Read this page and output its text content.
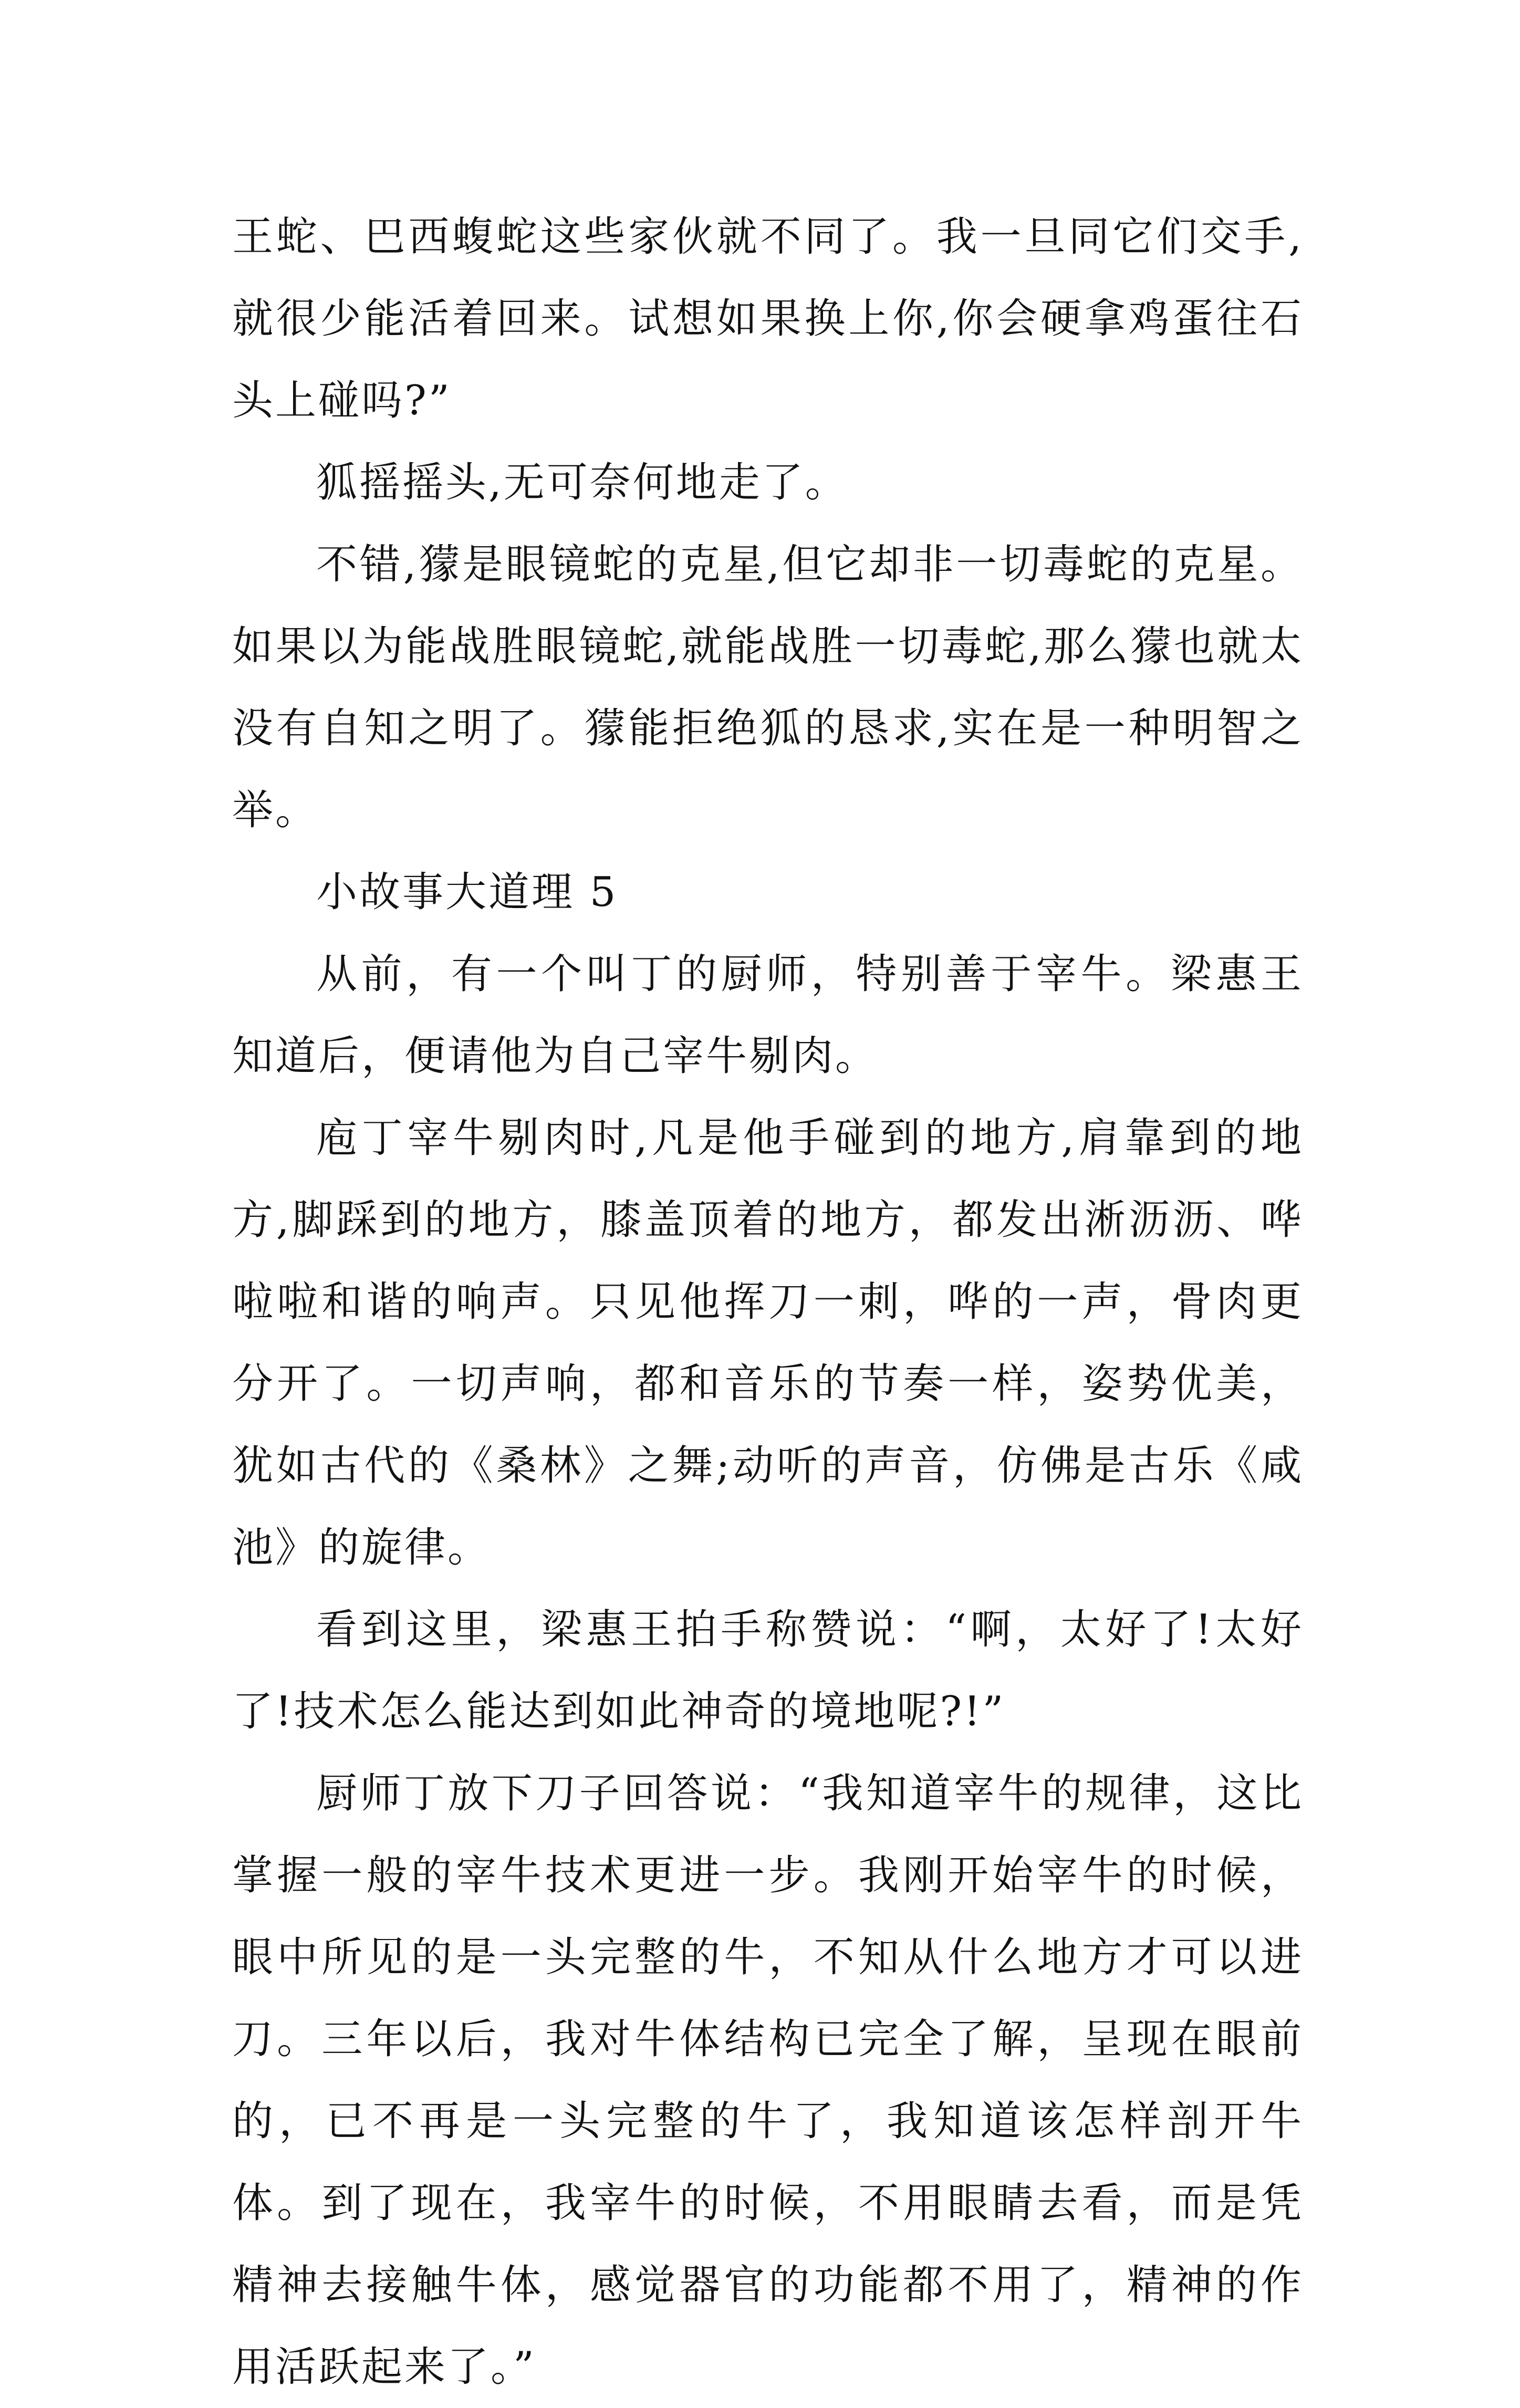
王蛇、巴西蝮蛇这些家伙就不同了。我一旦同它们交手,就很少能活着回来。试想如果换上你,你会硬拿鸡蛋往石头上碰吗?”

狐摇摇头,无可奈何地走了。

不错,獴是眼镜蛇的克星,但它却非一切毒蛇的克星。如果以为能战胜眼镜蛇,就能战胜一切毒蛇,那么獴也就太没有自知之明了。獴能拒绝狐的恳求,实在是一种明智之举。

小故事大道理 5

从前，有一个叫丁的厨师，特别善于宰牛。梁惠王知道后，便请他为自己宰牛剔肉。

庖丁宰牛剔肉时,凡是他手碰到的地方,肩靠到的地方,脚踩到的地方，膝盖顶着的地方，都发出淅沥沥、哗啦啦和谐的响声。只见他挥刀一刺，哗的一声，骨肉更分开了。一切声响，都和音乐的节奏一样，姿势优美，犹如古代的《桑林》之舞;动听的声音，仿佛是古乐《咸池》的旋律。

看到这里，梁惠王拍手称赞说：“啊，太好了!太好了!技术怎么能达到如此神奇的境地呢?!”

厨师丁放下刀子回答说：“我知道宰牛的规律，这比掌握一般的宰牛技术更进一步。我刚开始宰牛的时候，眼中所见的是一头完整的牛，不知从什么地方才可以进刀。三年以后，我对牛体结构已完全了解，呈现在眼前的，已不再是一头完整的牛了，我知道该怎样剖开牛体。到了现在，我宰牛的时候，不用眼睛去看，而是凭精神去接触牛体，感觉器官的功能都不用了，精神的作用活跃起来了。”
